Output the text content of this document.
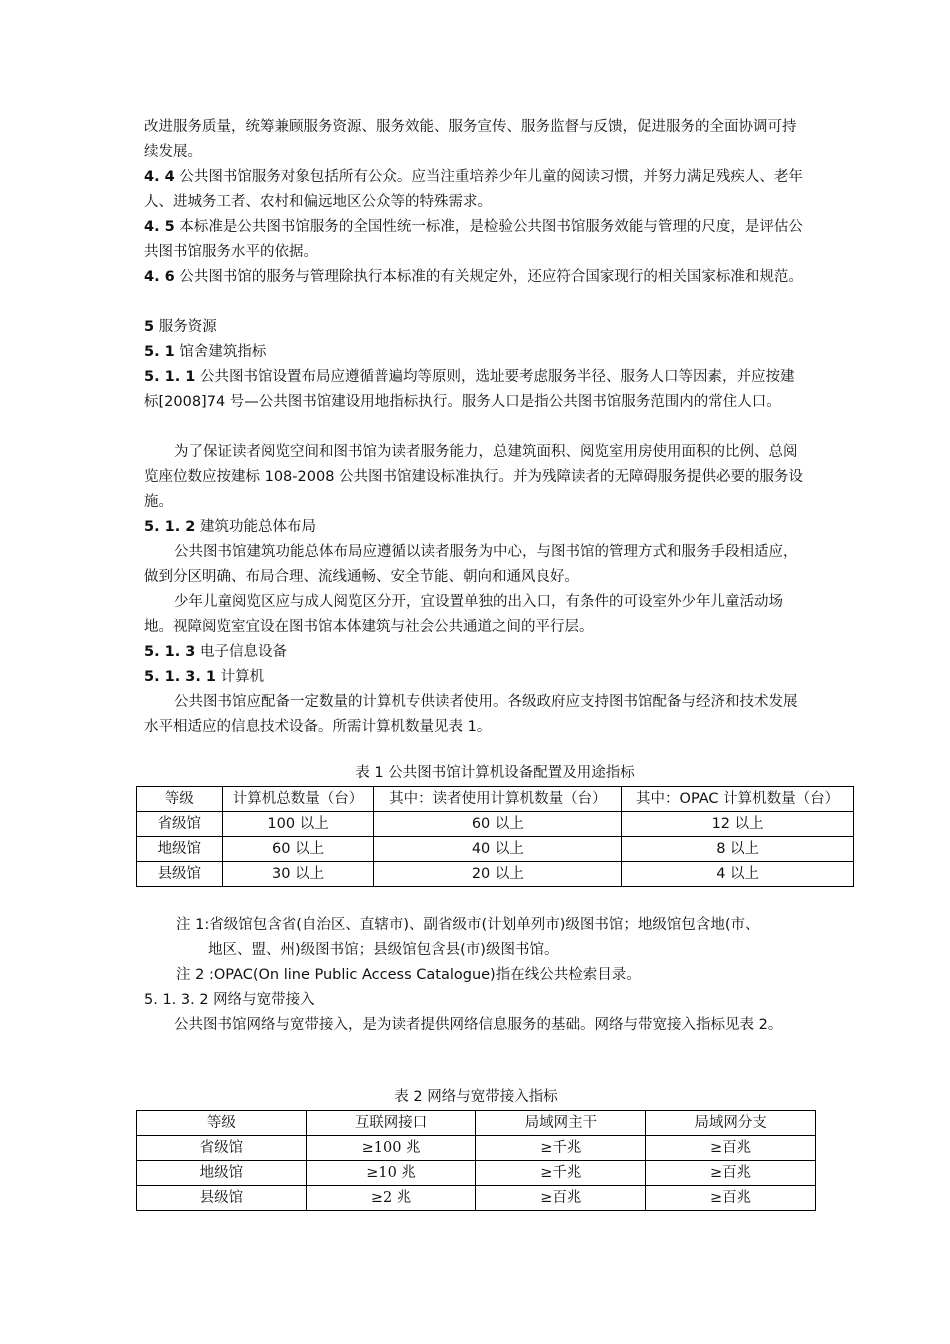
改进服务质量，统筹兼顾服务资源、服务效能、服务宣传、服务监督与反馈，促进服务的全面协调可持续发展。

4. 4 公共图书馆服务对象包括所有公众。应当注重培养少年儿童的阅读习惯，并努力满足残疾人、老年人、进城务工者、农村和偏远地区公众等的特殊需求。

4. 5 本标准是公共图书馆服务的全国性统一标准，是检验公共图书馆服务效能与管理的尺度，是评估公共图书馆服务水平的依据。

4. 6 公共图书馆的服务与管理除执行本标准的有关规定外，还应符合国家现行的相关国家标准和规范。

5 服务资源

5. 1 馆舍建筑指标

5. 1. 1 公共图书馆设置布局应遵循普遍均等原则，选址要考虑服务半径、服务人口等因素，并应按建标[2008]74 号—公共图书馆建设用地指标执行。服务人口是指公共图书馆服务范围内的常住人口。

为了保证读者阅览空间和图书馆为读者服务能力，总建筑面积、阅览室用房使用面积的比例、总阅览座位数应按建标 108-2008 公共图书馆建设标准执行。并为残障读者的无障碍服务提供必要的服务设施。

5. 1. 2 建筑功能总体布局

公共图书馆建筑功能总体布局应遵循以读者服务为中心，与图书馆的管理方式和服务手段相适应，做到分区明确、布局合理、流线通畅、安全节能、朝向和通风良好。

少年儿童阅览区应与成人阅览区分开，宜设置单独的出入口，有条件的可设室外少年儿童活动场地。视障阅览室宜设在图书馆本体建筑与社会公共通道之间的平行层。

5. 1. 3 电子信息设备

5. 1. 3. 1 计算机

公共图书馆应配备一定数量的计算机专供读者使用。各级政府应支持图书馆配备与经济和技术发展水平相适应的信息技术设备。所需计算机数量见表 1。

表 1 公共图书馆计算机设备配置及用途指标

等级	计算机总数量（台）	其中：读者使用计算机数量（台）	其中：OPAC 计算机数量（台）
省级馆	100 以上	60 以上	12 以上
地级馆	60 以上	40 以上	8 以上
县级馆	30 以上	20 以上	4 以上

注 1:省级馆包含省(自治区、直辖市)、副省级市(计划单列市)级图书馆；地级馆包含地(市、

地区、盟、州)级图书馆；县级馆包含县(市)级图书馆。

注 2 :OPAC(On line Public Access Catalogue)指在线公共检索目录。

5. 1. 3. 2 网络与宽带接入

公共图书馆网络与宽带接入，是为读者提供网络信息服务的基础。网络与带宽接入指标见表 2。

表 2 网络与宽带接入指标

等级	互联网接口	局域网主干	局域网分支
省级馆	≥100 兆	≥千兆	≥百兆
地级馆	≥10 兆	≥千兆	≥百兆
县级馆	≥2 兆	≥百兆	≥百兆
